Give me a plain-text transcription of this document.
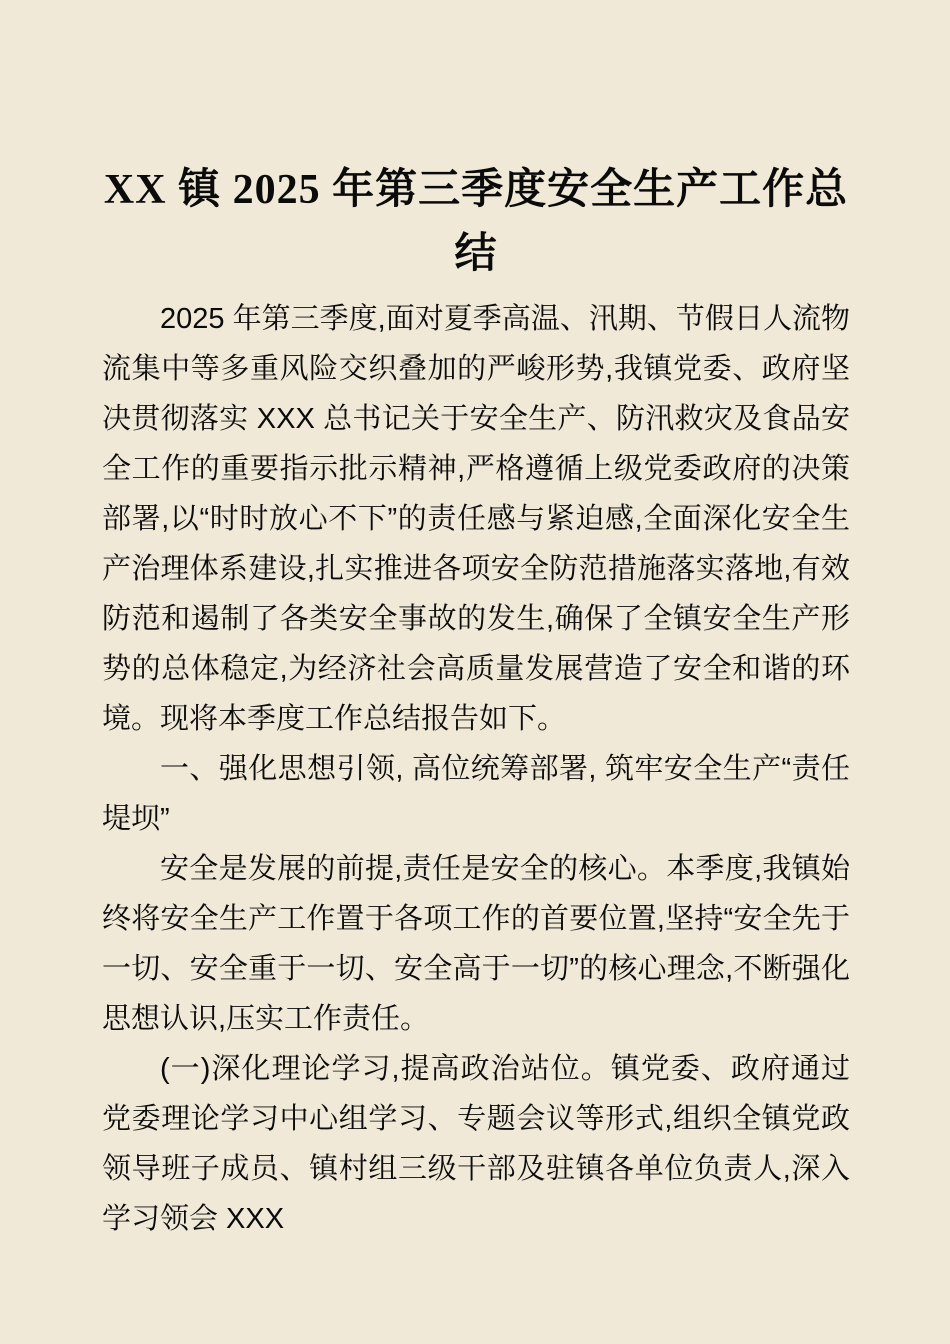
XX 镇 2025 年第三季度安全生产工作总结

2025 年第三季度,面对夏季高温、汛期、节假日人流物流集中等多重风险交织叠加的严峻形势,我镇党委、政府坚决贯彻落实 XXX 总书记关于安全生产、防汛救灾及食品安全工作的重要指示批示精神,严格遵循上级党委政府的决策部署,以“时时放心不下”的责任感与紧迫感,全面深化安全生产治理体系建设,扎实推进各项安全防范措施落实落地,有效防范和遏制了各类安全事故的发生,确保了全镇安全生产形势的总体稳定,为经济社会高质量发展营造了安全和谐的环境。现将本季度工作总结报告如下。

一、强化思想引领, 高位统筹部署, 筑牢安全生产“责任堤坝”

安全是发展的前提,责任是安全的核心。本季度,我镇始终将安全生产工作置于各项工作的首要位置,坚持“安全先于一切、安全重于一切、安全高于一切”的核心理念,不断强化思想认识,压实工作责任。

(一)深化理论学习,提高政治站位。镇党委、政府通过党委理论学习中心组学习、专题会议等形式,组织全镇党政领导班子成员、镇村组三级干部及驻镇各单位负责人,深入学习领会 XXX
